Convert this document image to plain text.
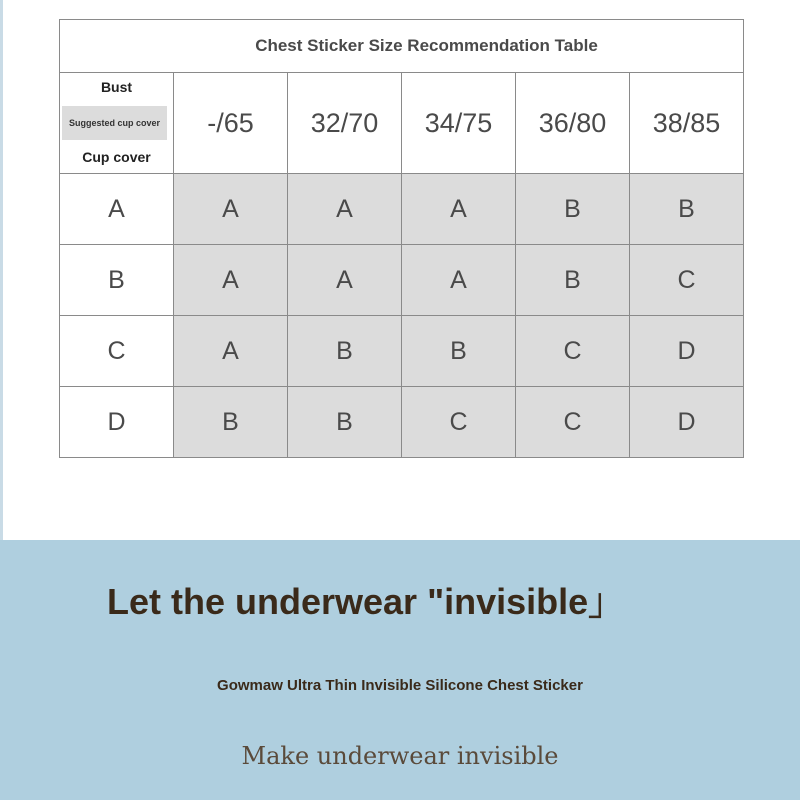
Chest Sticker Size Recommendation Table					

Bust
Suggested cup cover
Cup cover	-/65	32/70	34/75	36/80	38/85
A	A	A	A	B	B
B	A	A	A	B	C
C	A	B	B	C	D
D	B	B	C	C	D
Let the underwear "invisible」
Gowmaw Ultra Thin Invisible Silicone Chest Sticker
Make underwear invisible
